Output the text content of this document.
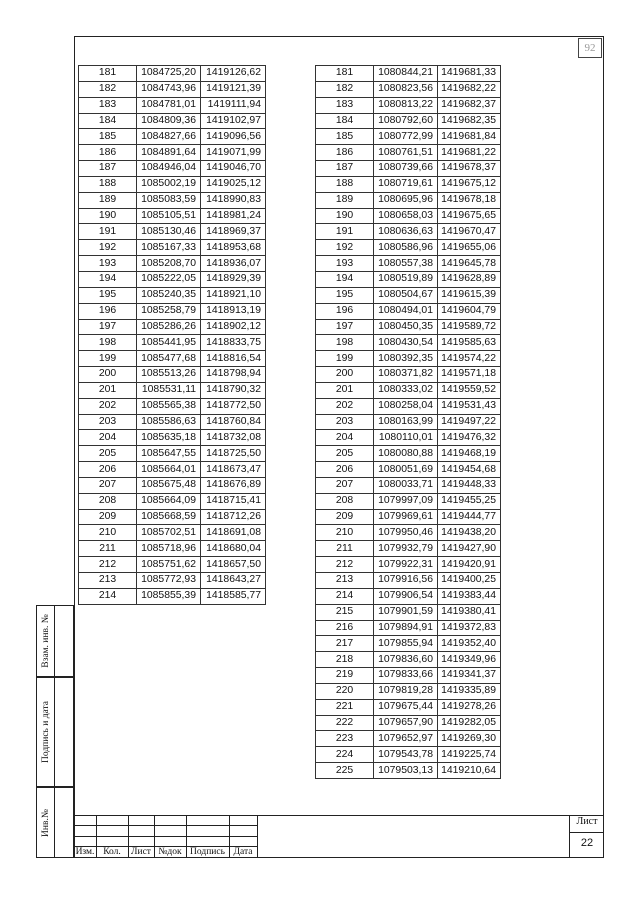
92
181	1084725,20	1419126,62
182	1084743,96	1419121,39
183	1084781,01	1419111,94
184	1084809,36	1419102,97
185	1084827,66	1419096,56
186	1084891,64	1419071,99
187	1084946,04	1419046,70
188	1085002,19	1419025,12
189	1085083,59	1418990,83
190	1085105,51	1418981,24
191	1085130,46	1418969,37
192	1085167,33	1418953,68
193	1085208,70	1418936,07
194	1085222,05	1418929,39
195	1085240,35	1418921,10
196	1085258,79	1418913,19
197	1085286,26	1418902,12
198	1085441,95	1418833,75
199	1085477,68	1418816,54
200	1085513,26	1418798,94
201	1085531,11	1418790,32
202	1085565,38	1418772,50
203	1085586,63	1418760,84
204	1085635,18	1418732,08
205	1085647,55	1418725,50
206	1085664,01	1418673,47
207	1085675,48	1418676,89
208	1085664,09	1418715,41
209	1085668,59	1418712,26
210	1085702,51	1418691,08
211	1085718,96	1418680,04
212	1085751,62	1418657,50
213	1085772,93	1418643,27
214	1085855,39	1418585,77
181	1080844,21	1419681,33
182	1080823,56	1419682,22
183	1080813,22	1419682,37
184	1080792,60	1419682,35
185	1080772,99	1419681,84
186	1080761,51	1419681,22
187	1080739,66	1419678,37
188	1080719,61	1419675,12
189	1080695,96	1419678,18
190	1080658,03	1419675,65
191	1080636,63	1419670,47
192	1080586,96	1419655,06
193	1080557,38	1419645,78
194	1080519,89	1419628,89
195	1080504,67	1419615,39
196	1080494,01	1419604,79
197	1080450,35	1419589,72
198	1080430,54	1419585,63
199	1080392,35	1419574,22
200	1080371,82	1419571,18
201	1080333,02	1419559,52
202	1080258,04	1419531,43
203	1080163,99	1419497,22
204	1080110,01	1419476,32
205	1080080,88	1419468,19
206	1080051,69	1419454,68
207	1080033,71	1419448,33
208	1079997,09	1419455,25
209	1079969,61	1419444,77
210	1079950,46	1419438,20
211	1079932,79	1419427,90
212	1079922,31	1419420,91
213	1079916,56	1419400,25
214	1079906,54	1419383,44
215	1079901,59	1419380,41
216	1079894,91	1419372,83
217	1079855,94	1419352,40
218	1079836,60	1419349,96
219	1079833,66	1419341,37
220	1079819,28	1419335,89
221	1079675,44	1419278,26
222	1079657,90	1419282,05
223	1079652,97	1419269,30
224	1079543,78	1419225,74
225	1079503,13	1419210,64
Взам. инв. №
Подпись и дата
Инв.№
Изм. Кол.	Лист №док Подпись Дата
Лист
22
